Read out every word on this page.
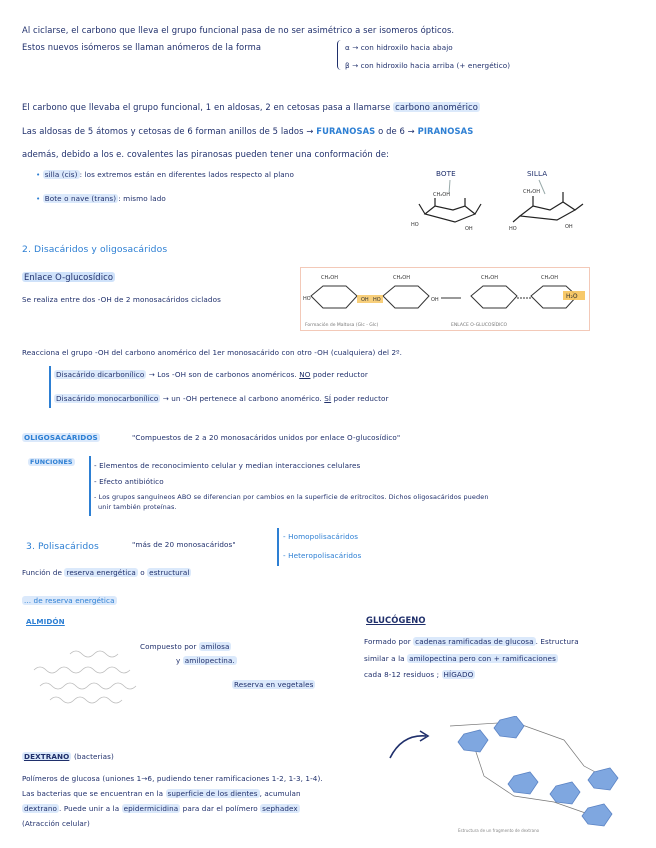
Al ciclarse, el carbono que lleva el grupo funcional pasa de no ser asimétrico a ser isomeros ópticos.
Estos nuevos isómeros se llaman anómeros de la forma	α → con hidroxilo hacia abajo
β → con hidroxilo hacia arriba (+ energético)
El carbono que llevaba el grupo funcional, 1 en aldosas, 2 en cetosas pasa a llamarse carbono anomérico
Las aldosas de 5 átomos y cetosas de 6 forman anillos de 5 lados → FURANOSAS o de 6 → PIRANOSAS
además, debido a los e. covalentes las piranosas pueden tener una conformación de:
• silla (cis) : los extremos están en diferentes lados respecto al plano
• Bote o nave (trans) : mismo lado
BOTE	SILLA
CH₂OH
HO
OH
CH₂OH
HO	OH
2. Disacáridos y oligosacáridos
Enlace O-glucosídico
Se realiza entre dos -OH de 2 monosacáridos ciclados	H₂O
CH₂OH	CH₂OH	CH₂OH	CH₂OH
HO	OH HO	OH
Formación de Maltosa (Glc - Glc)	ENLACE O-GLUCOSÍDICO
Reacciona el grupo -OH del carbono anomérico del 1er monosacárido con otro -OH (cualquiera) del 2º.
Disacárido dicarbonílico → Los -OH son de carbonos anoméricos. NO poder reductor
Disacárido monocarbonílico → un -OH pertenece al carbono anomérico. SÍ poder reductor
OLIGOSACÁRIDOS	"Compuestos de 2 a 20 monosacáridos unidos por enlace O-glucosídico"
FUNCIONES	- Elementos de reconocimiento celular y median interacciones celulares
- Efecto antibiótico
- Los grupos sanguíneos ABO se diferencian por cambios en la superficie de eritrocitos. Dichos oligosacáridos pueden
unir también proteínas.
3. Polisacáridos	"más de 20 monosacáridos"
- Homopolisacáridos
- Heteropolisacáridos
Función de reserva energética o estructural
... de reserva energética
ALMIDÓN
Compuesto por amilosa
y amilopectina.
Reserva en vegetales
GLUCÓGENO
Formado por cadenas ramificadas de glucosa . Estructura
similar a la amilopectina pero con + ramificaciones
cada 8-12 residuos ; HÍGADO
DEXTRANO (bacterias)
Polímeros de glucosa (uniones 1→6, pudiendo tener ramificaciones 1-2, 1-3, 1-4).
Las bacterias que se encuentran en la superficie de los dientes , acumulan
dextrano . Puede unir a la epidermicidina para dar el polímero sephadex
(Atracción celular)
Estructura de un fragmento de dextrano
